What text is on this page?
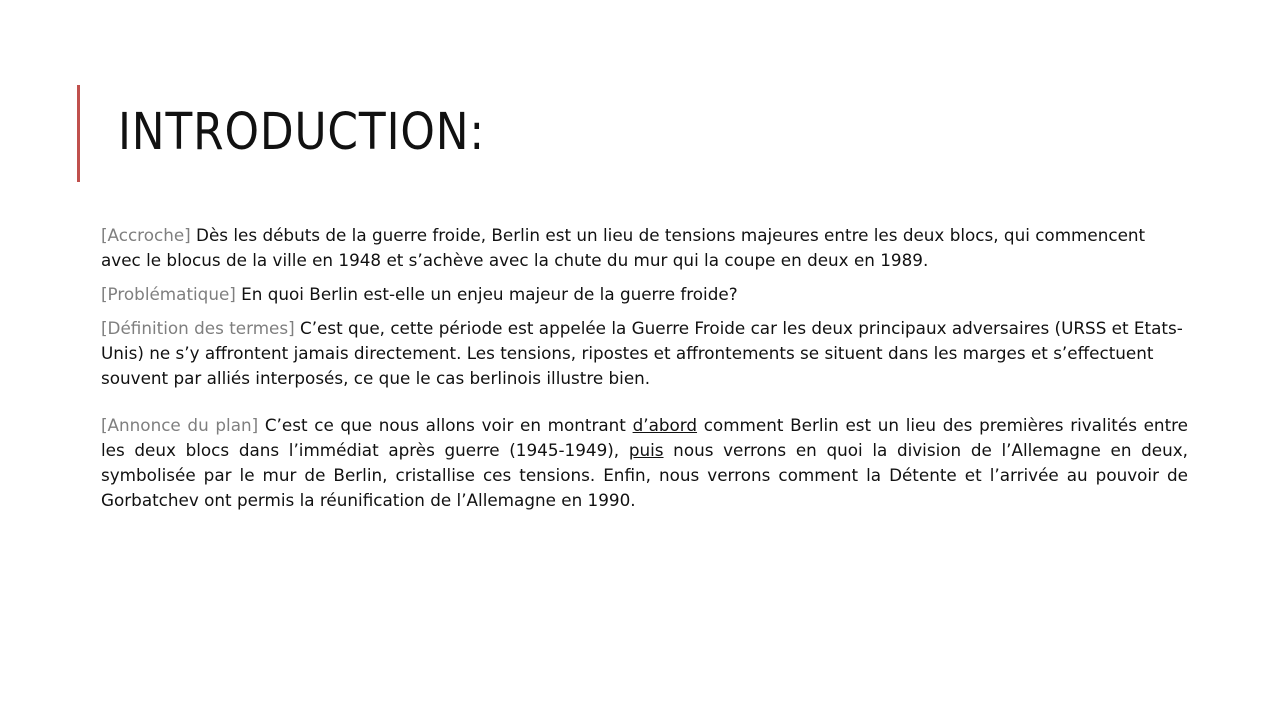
INTRODUCTION:

[Accroche] Dès les débuts de la guerre froide, Berlin est un lieu de tensions majeures entre les deux blocs, qui commencent avec le blocus de la ville en 1948 et s’achève avec la chute du mur qui la coupe en deux en 1989.

[Problématique] En quoi Berlin est-elle un enjeu majeur de la guerre froide?

[Définition des termes] C’est que, cette période est appelée la Guerre Froide car les deux principaux adversaires (URSS et Etats-Unis) ne s’y affrontent jamais directement. Les tensions, ripostes et affrontements se situent dans les marges et s’effectuent souvent par alliés interposés, ce que le cas berlinois illustre bien.

[Annonce du plan] C’est ce que nous allons voir en montrant d’abord comment Berlin est un lieu des premières rivalités entre les deux blocs dans l’immédiat après guerre (1945-1949), puis nous verrons en quoi la division de l’Allemagne en deux, symbolisée par le mur de Berlin, cristallise ces tensions. Enfin, nous verrons comment la Détente et l’arrivée au pouvoir de Gorbatchev ont permis la réunification de l’Allemagne en 1990.
